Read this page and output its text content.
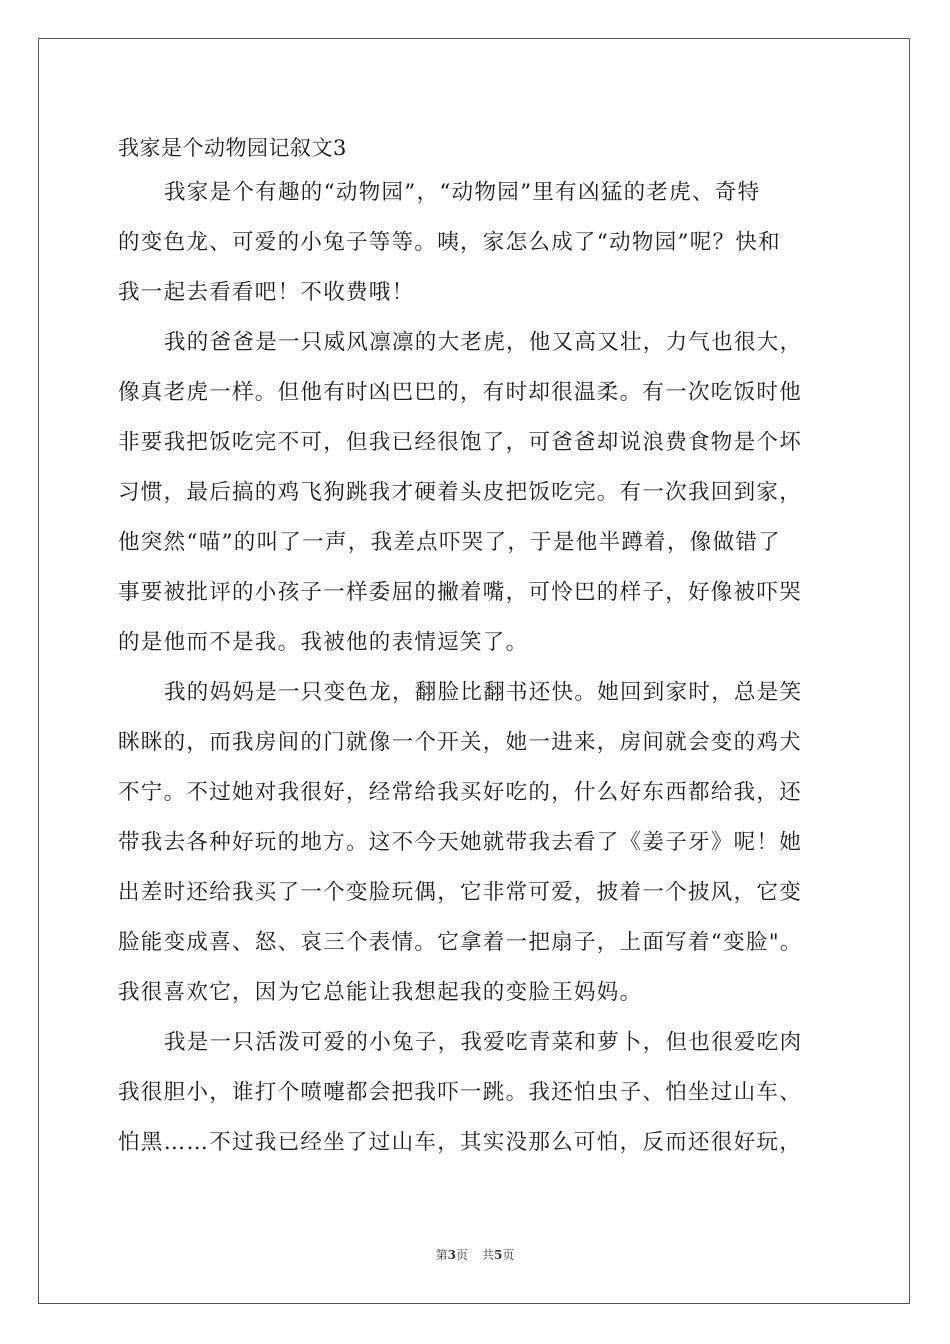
我家是个动物园记叙文3
我家是个有趣的“动物园”，“动物园”里有凶猛的老虎、奇特
的变色龙、可爱的小兔子等等。咦，家怎么成了“动物园”呢？快和
我一起去看看吧！不收费哦！
我的爸爸是一只威风凛凛的大老虎，他又高又壮，力气也很大，
像真老虎一样。但他有时凶巴巴的，有时却很温柔。有一次吃饭时他
非要我把饭吃完不可，但我已经很饱了，可爸爸却说浪费食物是个坏
习惯，最后搞的鸡飞狗跳我才硬着头皮把饭吃完。有一次我回到家，
他突然“喵”的叫了一声，我差点吓哭了，于是他半蹲着，像做错了
事要被批评的小孩子一样委屈的撇着嘴，可怜巴的样子，好像被吓哭
的是他而不是我。我被他的表情逗笑了。
我的妈妈是一只变色龙，翻脸比翻书还快。她回到家时，总是笑
眯眯的，而我房间的门就像一个开关，她一进来，房间就会变的鸡犬
不宁。不过她对我很好，经常给我买好吃的，什么好东西都给我，还
带我去各种好玩的地方。这不今天她就带我去看了《姜子牙》呢！她
出差时还给我买了一个变脸玩偶，它非常可爱，披着一个披风，它变
脸能变成喜、怒、哀三个表情。它拿着一把扇子，上面写着“变脸"。
我很喜欢它，因为它总能让我想起我的变脸王妈妈。
我是一只活泼可爱的小兔子，我爱吃青菜和萝卜，但也很爱吃肉
我很胆小，谁打个喷嚏都会把我吓一跳。我还怕虫子、怕坐过山车、
怕黑……不过我已经坐了过山车，其实没那么可怕，反而还很好玩，
第3页 共5页
